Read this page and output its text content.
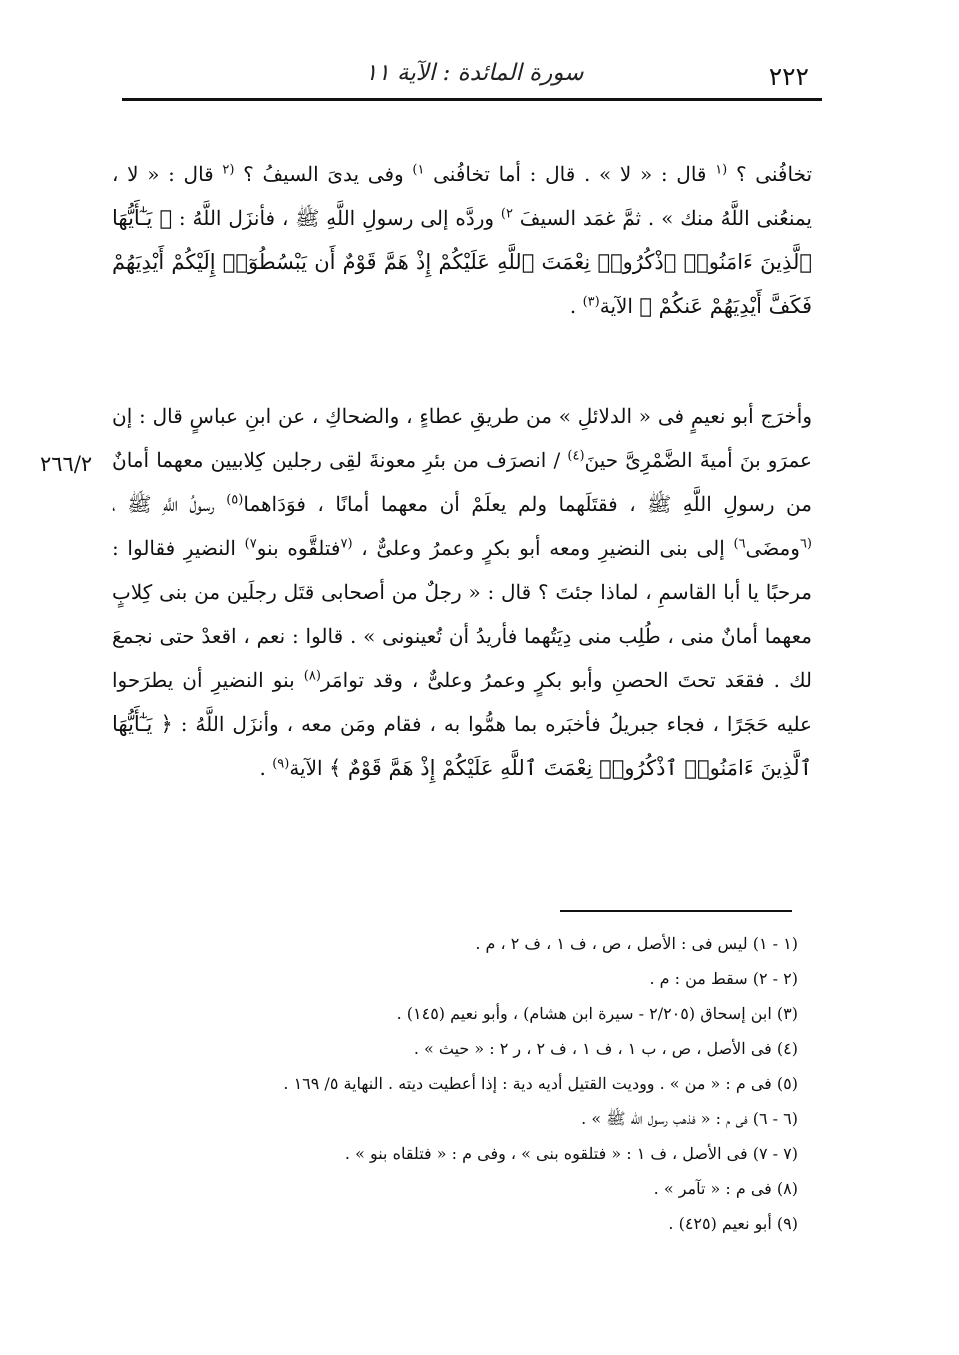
٢٢٢
سورة المائدة : الآية ١١
٢٦٦/٢
تخافُنى ؟ $^{(١}$ قال : « لا » . قال : أما تخافُنى $^{١)}$ وفى يدىَ السيفُ ؟ $^{(٢}$ قال : « لا ، يمنعُنى اللَّهُ منك » . ثمَّ غمَد السيفَ $^{٢)}$ وردَّه إلى رسولِ اللَّهِ ﷺ ، فأنزَل اللَّهُ : ﴿ يَـٰٓأَيُّهَا ٱلَّذِينَ ءَامَنُوا۟ ٱذْكُرُوا۟ نِعْمَتَ ٱللَّهِ عَلَيْكُمْ إِذْ هَمَّ قَوْمٌ أَن يَبْسُطُوٓا۟ إِلَيْكُمْ أَيْدِيَهُمْ فَكَفَّ أَيْدِيَهُمْ عَنكُمْ ﴾ الآية$^{(٣)}$ .
وأخرَج أبو نعيمٍ فى « الدلائلِ » من طريقِ عطاءٍ ، والضحاكِ ، عن ابنِ عباسٍ قال : إن عمرَو بنَ أميةَ الضَّمْرِىَّ حينَ$^{(٤)}$ / انصرَف من بئرِ معونةَ لقِى رجلين كِلابيين معهما أمانٌ من رسولِ اللَّهِ ﷺ ، فقتَلَهما ولم يعلَمْ أن معهما أمانًا ، فوَدَاهما$^{(٥)}$ رسولُ اللَّهِ ﷺ ، $^{(٦}$ومضَى$^{٦)}$ إلى بنى النضيرِ ومعه أبو بكرٍ وعمرُ وعلىٌّ ، $^{(٧}$فتلقَّوه بنو$^{٧)}$ النضيرِ فقالوا : مرحبًا يا أبا القاسمِ ، لماذا جئتَ ؟ قال : « رجلٌ من أصحابى قتَل رجلَين من بنى كِلابٍ معهما أمانٌ منى ، طُلِب منى دِيَتُهما فأريدُ أن تُعينونى » . قالوا : نعم ، اقعدْ حتى نجمعَ لك . فقعَد تحتَ الحصنِ وأبو بكرٍ وعمرُ وعلىٌّ ، وقد توامَر$^{(٨)}$ بنو النضيرِ أن يطرَحوا عليه حَجَرًا ، فجاء جبريلُ فأخبَره بما همُّوا به ، فقام ومَن معه ، وأنزَل اللَّهُ : ﴿ يَـٰٓأَيُّهَا ٱلَّذِينَ ءَامَنُوا۟ ٱذْكُرُوا۟ نِعْمَتَ ٱللَّهِ عَلَيْكُمْ إِذْ هَمَّ قَوْمٌ ﴾ الآية$^{(٩)}$ .
(١ - ١) ليس فى : الأصل ، ص ، ف ١ ، ف ٢ ، م .
(٢ - ٢) سقط من : م .
(٣) ابن إسحاق (٢/٢٠٥ - سيرة ابن هشام) ، وأبو نعيم (١٤٥) .
(٤) فى الأصل ، ص ، ب ١ ، ف ١ ، ف ٢ ، ر ٢ : « حيث » .
(٥) فى م : « من » . ووديت القتيل أديه دية : إذا أعطيت ديته . النهاية ٥/ ١٦٩ .
(٦ - ٦) فى م : « فذهب رسول الله ﷺ » .
(٧ - ٧) فى الأصل ، ف ١ : « فتلقوه بنى » ، وفى م : « فتلقاه بنو » .
(٨) فى م : « تآمر » .
(٩) أبو نعيم (٤٢٥) .
